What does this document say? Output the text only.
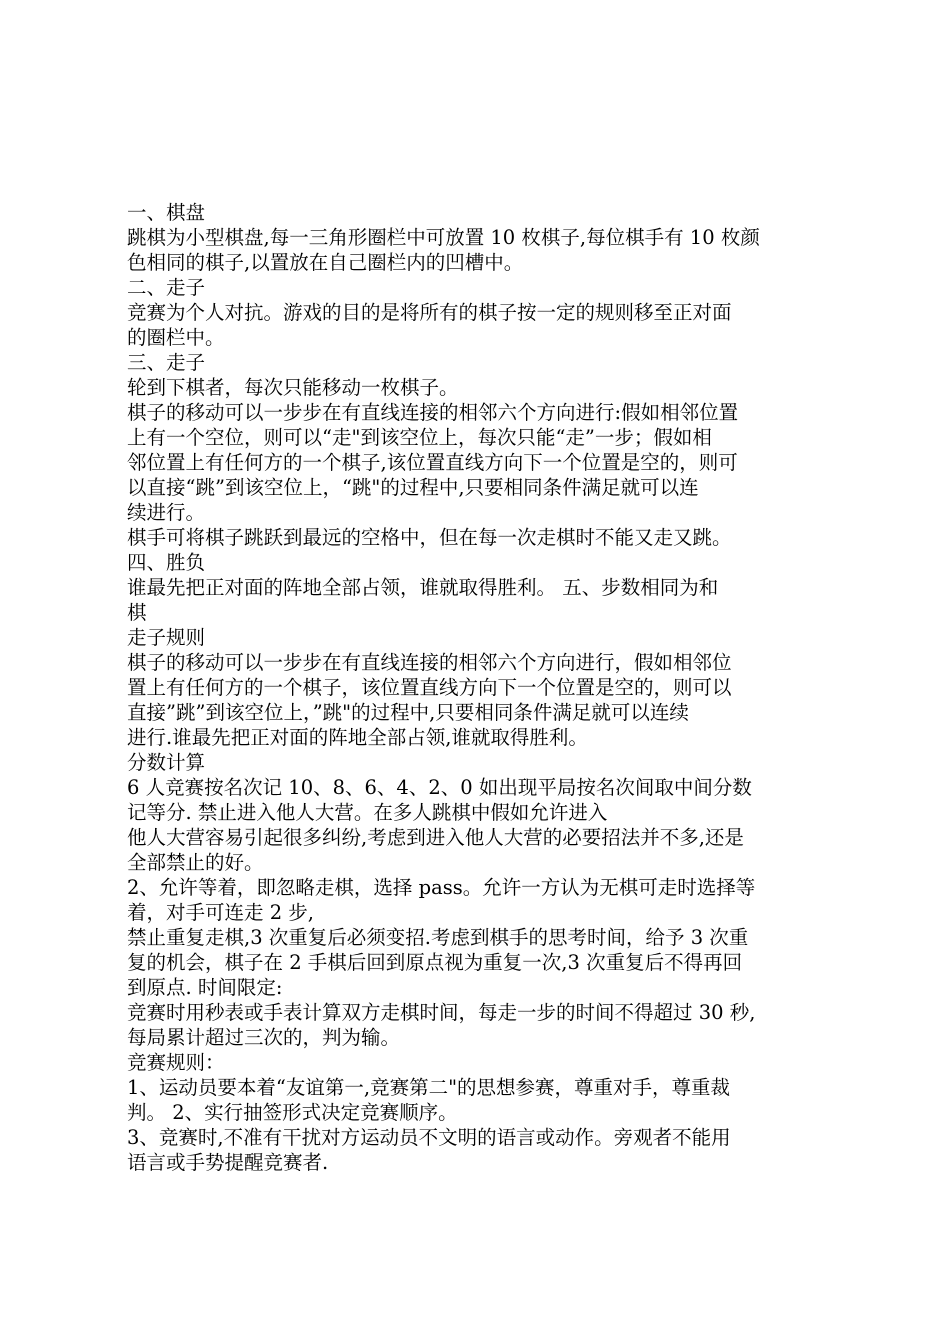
一、棋盘
跳棋为小型棋盘,每一三角形圈栏中可放置 10 枚棋子,每位棋手有 10 枚颜
色相同的棋子,以置放在自己圈栏内的凹槽中。
二、走子
竞赛为个人对抗。游戏的目的是将所有的棋子按一定的规则移至正对面
的圈栏中。
三、走子
轮到下棋者，每次只能移动一枚棋子。
棋子的移动可以一步步在有直线连接的相邻六个方向进行:假如相邻位置
上有一个空位，则可以“走"到该空位上，每次只能“走”一步；假如相
邻位置上有任何方的一个棋子,该位置直线方向下一个位置是空的，则可
以直接“跳”到该空位上，“跳"的过程中,只要相同条件满足就可以连
续进行。
棋手可将棋子跳跃到最远的空格中，但在每一次走棋时不能又走又跳。
四、胜负
谁最先把正对面的阵地全部占领，谁就取得胜利。 五、步数相同为和
棋
走子规则
棋子的移动可以一步步在有直线连接的相邻六个方向进行，假如相邻位
置上有任何方的一个棋子，该位置直线方向下一个位置是空的，则可以
直接”跳”到该空位上，”跳"的过程中,只要相同条件满足就可以连续
进行.谁最先把正对面的阵地全部占领,谁就取得胜利。
分数计算
6 人竞赛按名次记 10、8、6、4、2、0 如出现平局按名次间取中间分数
记等分. 禁止进入他人大营。在多人跳棋中假如允许进入
他人大营容易引起很多纠纷,考虑到进入他人大营的必要招法并不多,还是
全部禁止的好。
2、允许等着，即忽略走棋，选择 pass。允许一方认为无棋可走时选择等
着，对手可连走 2 步,
禁止重复走棋,3 次重复后必须变招.考虑到棋手的思考时间，给予 3 次重
复的机会，棋子在 2 手棋后回到原点视为重复一次,3 次重复后不得再回
到原点. 时间限定:
竞赛时用秒表或手表计算双方走棋时间，每走一步的时间不得超过 30 秒,
每局累计超过三次的，判为输。
竞赛规则：
1、运动员要本着“友谊第一,竞赛第二"的思想参赛，尊重对手，尊重裁
判。 2、实行抽签形式决定竞赛顺序。
3、竞赛时,不准有干扰对方运动员不文明的语言或动作。旁观者不能用
语言或手势提醒竞赛者.
